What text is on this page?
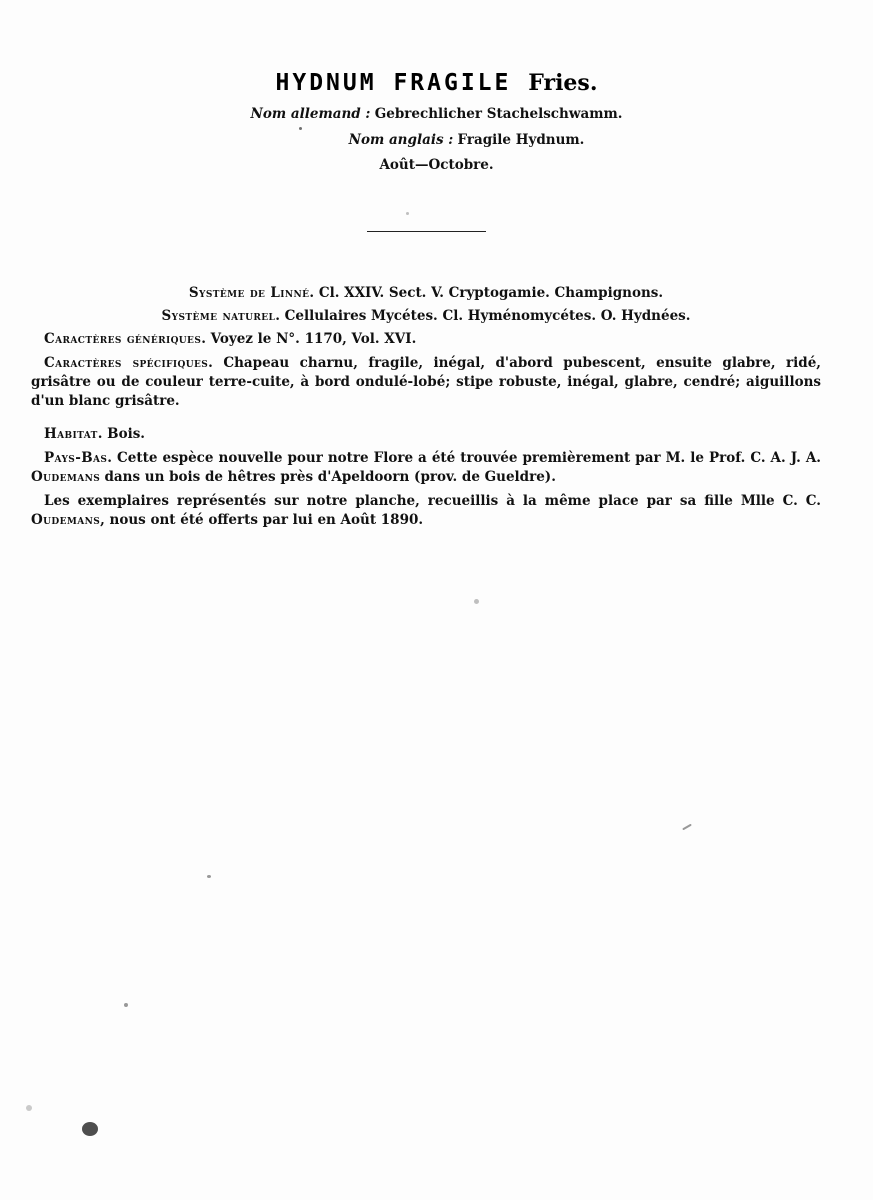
HYDNUM FRAGILE Fries.
Nom allemand : Gebrechlicher Stachelschwamm.
Nom anglais : Fragile Hydnum.
Août—Octobre.
Système de Linné. Cl. XXIV. Sect. V. Cryptogamie. Champignons.
Système naturel. Cellulaires Mycétes. Cl. Hyménomycétes. O. Hydnées.
Caractères génériques. Voyez le N°. 1170, Vol. XVI.
Caractères spécifiques. Chapeau charnu, fragile, inégal, d'abord pubescent, ensuite glabre, ridé, grisâtre ou de couleur terre-cuite, à bord ondulé-lobé; stipe robuste, inégal, glabre, cendré; aiguillons d'un blanc grisâtre.
Habitat. Bois.
Pays-Bas. Cette espèce nouvelle pour notre Flore a été trouvée premièrement par M. le Prof. C. A. J. A. Oudemans dans un bois de hêtres près d'Apeldoorn (prov. de Gueldre).
Les exemplaires représentés sur notre planche, recueillis à la même place par sa fille Mlle C. C. Oudemans, nous ont été offerts par lui en Août 1890.
